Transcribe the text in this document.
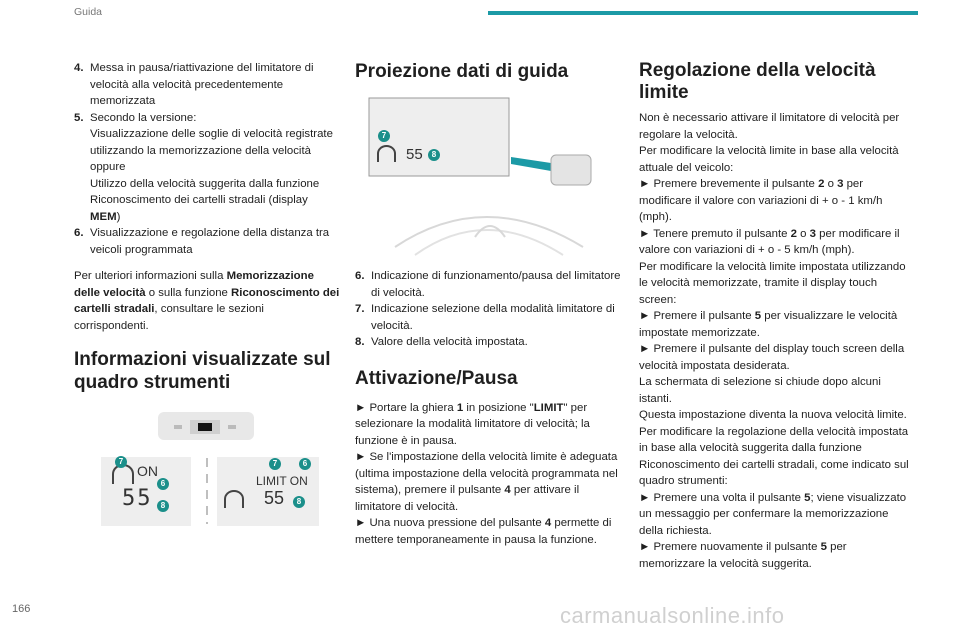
Guida
4. Messa in pausa/riattivazione del limitatore di velocità alla velocità precedentemente memorizzata
5. Secondo la versione:
Visualizzazione delle soglie di velocità registrate utilizzando la memorizzazione della velocità
oppure
Utilizzo della velocità suggerita dalla funzione Riconoscimento dei cartelli stradali (display MEM)
6. Visualizzazione e regolazione della distanza tra veicoli programmata

Per ulteriori informazioni sulla Memorizzazione delle velocità o sulla funzione Riconoscimento dei cartelli stradali, consultare le sezioni corrispondenti.

Informazioni visualizzate sul quadro strumenti
ON
7
6
55	8
7	6
LIMIT ON
55	8
Proiezione dati di guida
7
55	8
6. Indicazione di funzionamento/pausa del limitatore di velocità.
7. Indicazione selezione della modalità limitatore di velocità.
8. Valore della velocità impostata.
Attivazione/Pausa

► Portare la ghiera 1 in posizione "LIMIT" per selezionare la modalità limitatore di velocità; la funzione è in pausa.

► Se l'impostazione della velocità limite è adeguata (ultima impostazione della velocità programmata nel sistema), premere il pulsante 4 per attivare il limitatore di velocità.

► Una nuova pressione del pulsante 4 permette di mettere temporaneamente in pausa la funzione.

Regolazione della velocità limite

Non è necessario attivare il limitatore di velocità per regolare la velocità.

Per modificare la velocità limite in base alla velocità attuale del veicolo:

► Premere brevemente il pulsante 2 o 3 per modificare il valore con variazioni di + o - 1 km/h (mph).

► Tenere premuto il pulsante 2 o 3 per modificare il valore con variazioni di + o - 5 km/h (mph).

Per modificare la velocità limite impostata utilizzando le velocità memorizzate, tramite il display touch screen:

► Premere il pulsante 5 per visualizzare le velocità impostate memorizzate.

► Premere il pulsante del display touch screen della velocità impostata desiderata.

La schermata di selezione si chiude dopo alcuni istanti.

Questa impostazione diventa la nuova velocità limite.

Per modificare la regolazione della velocità impostata in base alla velocità suggerita dalla funzione Riconoscimento dei cartelli stradali, come indicato sul quadro strumenti:

► Premere una volta il pulsante 5; viene visualizzato un messaggio per confermare la memorizzazione della richiesta.

► Premere nuovamente il pulsante 5 per memorizzare la velocità suggerita.

166	carmanualsonline.info
